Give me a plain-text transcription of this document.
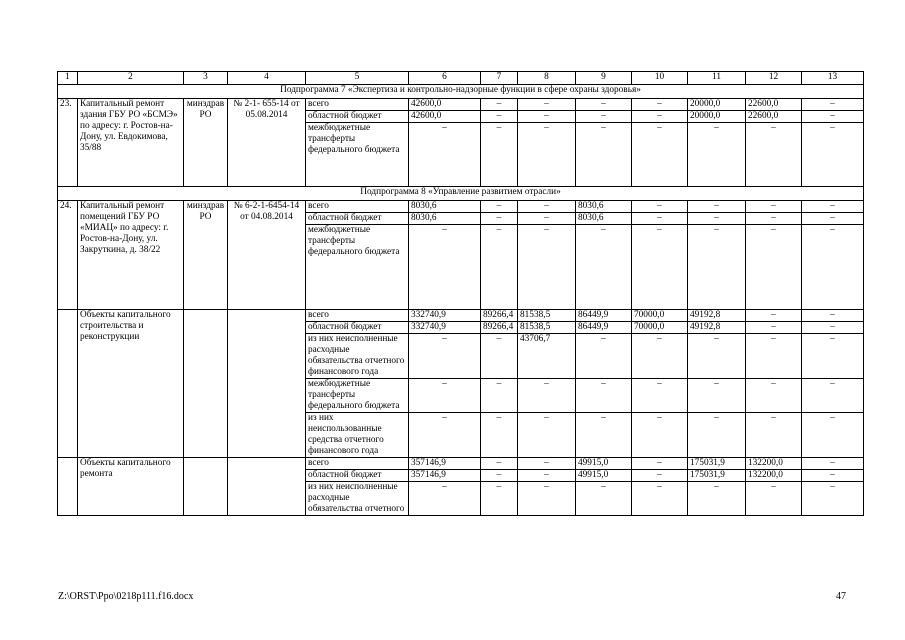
1	2	3	4	5	6	7	8	9	10	11	12	13
Подпрограмма 7 «Экспертиза и контрольно-надзорные функции в сфере охраны здоровья»												
23.	Капитальный ремонт здания ГБУ РО «БСМЭ» по адресу: г. Ростов-на-Дону, ул. Евдокимова, 35/88	минздрав РО	№ 2-1- 655-14 от 05.08.2014	всего	42600,0	–	–	–	–	20000,0	22600,0	–
				областной бюджет	42600,0	–	–	–	–	20000,0	22600,0	–
				межбюджетные трансферты федерального бюджета	–	–	–	–	–	–	–	–
Подпрограмма 8 «Управление развитием отрасли»												
24.	Капитальный ремонт помещений ГБУ РО «МИАЦ» по адресу: г. Ростов-на-Дону, ул. Закруткина, д. 38/22	минздрав РО	№ 6-2-1-6454-14 от 04.08.2014	всего	8030,6	–	–	8030,6	–	–	–	–
				областной бюджет	8030,6	–	–	8030,6	–	–	–	–
				межбюджетные трансферты федерального бюджета	–	–	–	–	–	–	–	–
	Объекты капитального строительства и реконструкции			всего	332740,9	89266,4	81538,5	86449,9	70000,0	49192,8	–	–
				областной бюджет	332740,9	89266,4	81538,5	86449,9	70000,0	49192,8	–	–
				из них неисполненные расходные обязательства отчетного финансового года	–	–	43706,7	–	–	–	–	–
				межбюджетные трансферты федерального бюджета	–	–	–	–	–	–	–	–
				из них неиспользованные средства отчетного финансового года	–	–	–	–	–	–	–	–
	Объекты капитального ремонта			всего	357146,9	–	–	49915,0	–	175031,9	132200,0	–
				областной бюджет	357146,9	–	–	49915,0	–	175031,9	132200,0	–
				из них неисполненные расходные обязательства отчетного	–	–	–	–	–	–	–	–
Z:\ORST\Ppo\0218p111.f16.docx	47
